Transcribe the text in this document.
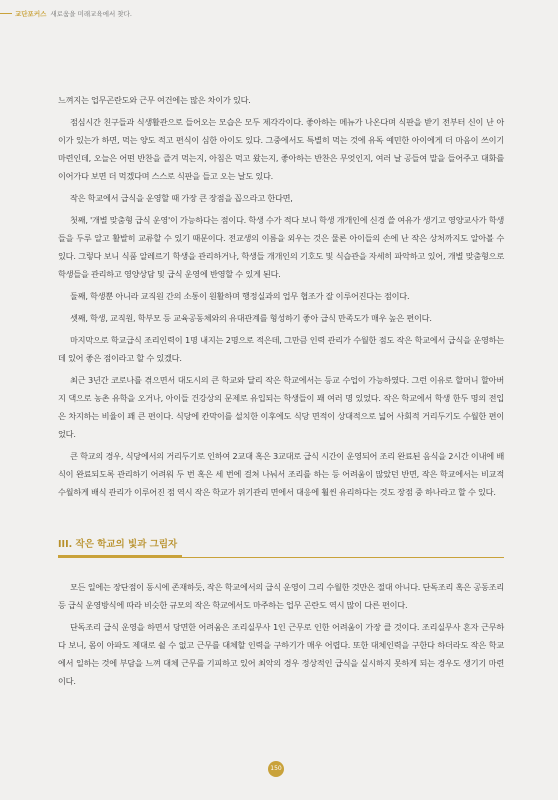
교단포커스 새로움을 미래교육에서 찾다.

느껴지는 업무곤란도와 근무 여건에는 많은 차이가 있다.

점심시간 친구들과 식생활관으로 들어오는 모습은 모두 제각각이다. 좋아하는 메뉴가 나온다며 식판을 받기 전부터 신이 난 아이가 있는가 하면, 먹는 양도 적고 편식이 심한 아이도 있다. 그중에서도 특별히 먹는 것에 유독 예민한 아이에게 더 마음이 쓰이기 마련인데, 오늘은 어떤 반찬을 즐겨 먹는지, 아침은 먹고 왔는지, 좋아하는 반찬은 무엇인지, 여러 날 공들여 말을 들어주고 대화를 이어가다 보면 더 먹겠다며 스스로 식판을 들고 오는 날도 있다.

작은 학교에서 급식을 운영할 때 가장 큰 장점을 꼽으라고 한다면,

첫째, '개별 맞춤형 급식 운영'이 가능하다는 점이다. 학생 수가 적다 보니 학생 개개인에 신경 쓸 여유가 생기고 영양교사가 학생들을 두루 알고 활발히 교류할 수 있기 때문이다. 전교생의 이름을 외우는 것은 물론 아이들의 손에 난 작은 상처까지도 알아볼 수 있다. 그렇다 보니 식품 알레르기 학생을 관리하거나, 학생들 개개인의 기호도 및 식습관을 자세히 파악하고 있어, 개별 맞춤형으로 학생들을 관리하고 영양상담 및 급식 운영에 반영할 수 있게 된다.

둘째, 학생뿐 아니라 교직원 간의 소통이 원활하며 행정실과의 업무 협조가 잘 이루어진다는 점이다.

셋째, 학생, 교직원, 학부모 등 교육공동체와의 유대관계를 형성하기 좋아 급식 만족도가 매우 높은 편이다.

마지막으로 학교급식 조리인력이 1명 내지는 2명으로 적은데, 그만큼 인력 관리가 수월한 점도 작은 학교에서 급식을 운영하는 데 있어 좋은 점이라고 할 수 있겠다.

최근 3년간 코로나를 겪으면서 대도시의 큰 학교와 달리 작은 학교에서는 등교 수업이 가능하였다. 그런 이유로 할머니 할아버지 댁으로 농촌 유학을 오거나, 아이들 건강상의 문제로 유입되는 학생들이 꽤 여러 명 있었다. 작은 학교에서 학생 한두 명의 전입은 차지하는 비율이 꽤 큰 편이다. 식당에 칸막이를 설치한 이후에도 식당 면적이 상대적으로 넓어 사회적 거리두기도 수월한 편이었다.

큰 학교의 경우, 식당에서의 거리두기로 인하여 2교대 혹은 3교대로 급식 시간이 운영되어 조리 완료된 음식을 2시간 이내에 배식이 완료되도록 관리하기 어려워 두 번 혹은 세 번에 걸쳐 나눠서 조리를 하는 등 어려움이 많았던 반면, 작은 학교에서는 비교적 수월하게 배식 관리가 이루어진 점 역시 작은 학교가 위기관리 면에서 대응에 훨씬 유리하다는 것도 장점 중 하나라고 할 수 있다.

III. 작은 학교의 빛과 그림자

모든 일에는 장단점이 동시에 존재하듯, 작은 학교에서의 급식 운영이 그리 수월한 것만은 절대 아니다. 단독조리 혹은 공동조리 등 급식 운영방식에 따라 비슷한 규모의 작은 학교에서도 마주하는 업무 곤란도 역시 많이 다른 편이다.

단독조리 급식 운영을 하면서 당면한 어려움은 조리실무사 1인 근무로 인한 어려움이 가장 클 것이다. 조리실무사 혼자 근무하다 보니, 몸이 아파도 제대로 쉴 수 없고 근무를 대체할 인력을 구하기가 매우 어렵다. 또한 대체인력을 구한다 하더라도 작은 학교에서 일하는 것에 부담을 느껴 대체 근무를 기피하고 있어 최악의 경우 정상적인 급식을 실시하지 못하게 되는 경우도 생기기 마련이다.

150
